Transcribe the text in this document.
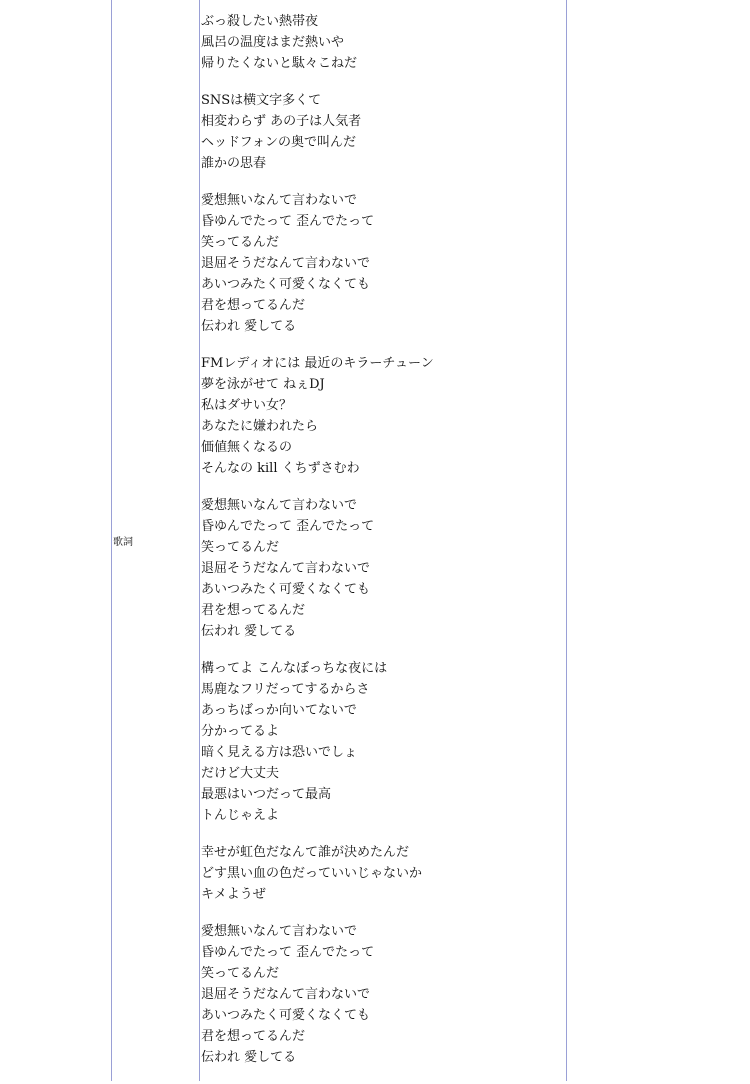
歌詞
ぶっ殺したい熱帯夜
風呂の温度はまだ熱いや
帰りたくないと駄々こねだ
SNSは横文字多くて
相変わらず あの子は人気者
ヘッドフォンの奥で叫んだ
誰かの思春
愛想無いなんて言わないで
昏ゆんでたって 歪んでたって
笑ってるんだ
退屈そうだなんて言わないで
あいつみたく可愛くなくても
君を想ってるんだ
伝われ 愛してる
FMレディオには 最近のキラーチューン
夢を泳がせて ねぇDJ
私はダサい女？
あなたに嫌われたら
価値無くなるの
そんなの kill くちずさむわ
愛想無いなんて言わないで
昏ゆんでたって 歪んでたって
笑ってるんだ
退屈そうだなんて言わないで
あいつみたく可愛くなくても
君を想ってるんだ
伝われ 愛してる
構ってよ こんなぼっちな夜には
馬鹿なフリだってするからさ
あっちばっか向いてないで
分かってるよ
暗く見える方は恐いでしょ
だけど大丈夫
最悪はいつだって最高
トんじゃえよ
幸せが虹色だなんて誰が決めたんだ
どす黒い血の色だっていいじゃないか
キメようぜ
愛想無いなんて言わないで
昏ゆんでたって 歪んでたって
笑ってるんだ
退屈そうだなんて言わないで
あいつみたく可愛くなくても
君を想ってるんだ
伝われ 愛してる
